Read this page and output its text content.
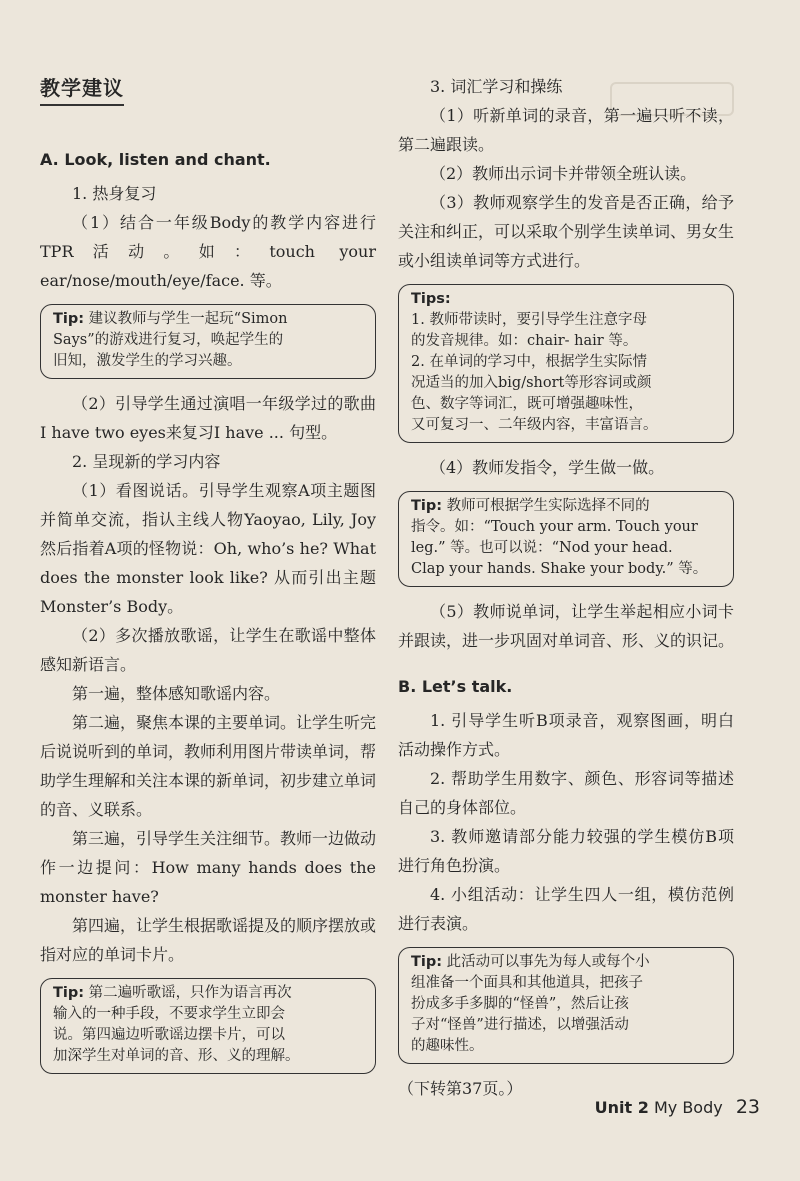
教学建议
A. Look, listen and chant.

1. 热身复习

（1）结合一年级Body的教学内容进行TPR活动。如：touch your ear/nose/mouth/eye/face. 等。

Tip: 建议教师与学生一起玩“Simon
Says”的游戏进行复习，唤起学生的
旧知，激发学生的学习兴趣。

（2）引导学生通过演唱一年级学过的歌曲I have two eyes来复习I have ... 句型。

2. 呈现新的学习内容

（1）看图说话。引导学生观察A项主题图并简单交流，指认主线人物Yaoyao, Lily, Joy然后指着A项的怪物说：Oh, who’s he? What does the monster look like? 从而引出主题Monster’s Body。

（2）多次播放歌谣，让学生在歌谣中整体感知新语言。

第一遍，整体感知歌谣内容。

第二遍，聚焦本课的主要单词。让学生听完后说说听到的单词，教师利用图片带读单词，帮助学生理解和关注本课的新单词，初步建立单词的音、义联系。

第三遍，引导学生关注细节。教师一边做动作一边提问：How many hands does the monster have?

第四遍，让学生根据歌谣提及的顺序摆放或指对应的单词卡片。

Tip: 第二遍听歌谣，只作为语言再次
输入的一种手段，不要求学生立即会
说。第四遍边听歌谣边摆卡片，可以
加深学生对单词的音、形、义的理解。

3. 词汇学习和操练

（1）听新单词的录音，第一遍只听不读，第二遍跟读。

（2）教师出示词卡并带领全班认读。

（3）教师观察学生的发音是否正确，给予关注和纠正，可以采取个别学生读单词、男女生或小组读单词等方式进行。

Tips:
1. 教师带读时，要引导学生注意字母
的发音规律。如：chair- hair 等。
2. 在单词的学习中，根据学生实际情
况适当的加入big/short等形容词或颜
色、数字等词汇，既可增强趣味性，
又可复习一、二年级内容，丰富语言。

（4）教师发指令，学生做一做。

Tip: 教师可根据学生实际选择不同的
指令。如：“Touch your arm. Touch your
leg.” 等。也可以说：“Nod your head.
Clap your hands. Shake your body.” 等。

（5）教师说单词，让学生举起相应小词卡并跟读，进一步巩固对单词音、形、义的识记。

B. Let’s talk.

1. 引导学生听B项录音，观察图画，明白活动操作方式。

2. 帮助学生用数字、颜色、形容词等描述自己的身体部位。

3. 教师邀请部分能力较强的学生模仿B项进行角色扮演。

4. 小组活动：让学生四人一组，模仿范例进行表演。

Tip: 此活动可以事先为每人或每个小
组准备一个面具和其他道具，把孩子
扮成多手多脚的“怪兽”，然后让孩
子对“怪兽”进行描述，以增强活动
的趣味性。

（下转第37页。）

Unit 2 My Body 23
